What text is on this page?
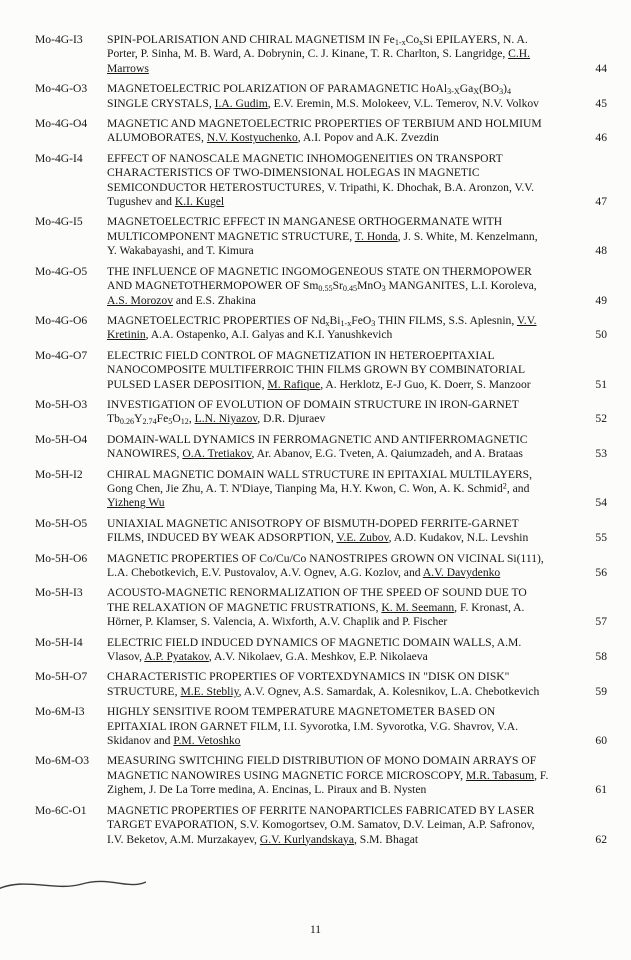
Mo-4G-I3	SPIN-POLARISATION AND CHIRAL MAGNETISM IN $Fe_{1-x}Co_xSi$ EPILAYERS, N. A. Porter, P. Sinha, M. B. Ward, A. Dobrynin, C. J. Kinane, T. R. Charlton, S. Langridge, C.H. Marrows	44
Mo-4G-O3	MAGNETOELECTRIC POLARIZATION OF PARAMAGNETIC $HoAl_{3-X}Ga_X(BO_3)_4$ SINGLE CRYSTALS, I.A. Gudim, E.V. Eremin, M.S. Molokeev, V.L. Temerov, N.V. Volkov	45
Mo-4G-O4	MAGNETIC AND MAGNETOELECTRIC PROPERTIES OF TERBIUM AND HOLMIUM ALUMOBORATES, N.V. Kostyuchenko, A.I. Popov and A.K. Zvezdin	46
Mo-4G-I4	EFFECT OF NANOSCALE MAGNETIC INHOMOGENEITIES ON TRANSPORT CHARACTERISTICS OF TWO-DIMENSIONAL HOLEGAS IN MAGNETIC SEMICONDUCTOR HETEROSTUCTURES, V. Tripathi, K. Dhochak, B.A. Aronzon, V.V. Tugushev and K.I. Kugel	47
Mo-4G-I5	MAGNETOELECTRIC EFFECT IN MANGANESE ORTHOGERMANATE WITH MULTICOMPONENT MAGNETIC STRUCTURE, T. Honda, J. S. White, M. Kenzelmann, Y. Wakabayashi, and T. Kimura	48
Mo-4G-O5	THE INFLUENCE OF MAGNETIC INGOMOGENEOUS STATE ON THERMOPOWER AND MAGNETOTHERMOPOWER OF $Sm_{0.55}Sr_{0.45}MnO_3$ MANGANITES, L.I. Koroleva, A.S. Morozov and E.S. Zhakina	49
Mo-4G-O6	MAGNETOELECTRIC PROPERTIES OF $Nd_xBi_{1-x}FeO_3$ THIN FILMS, S.S. Aplesnin, V.V. Kretinin, A.A. Ostapenko, A.I. Galyas and K.I. Yanushkevich	50
Mo-4G-O7	ELECTRIC FIELD CONTROL OF MAGNETIZATION IN HETEROEPITAXIAL NANOCOMPOSITE MULTIFERROIC THIN FILMS GROWN BY COMBINATORIAL PULSED LASER DEPOSITION, M. Rafique, A. Herklotz, E-J Guo, K. Doerr, S. Manzoor	51
Mo-5H-O3	INVESTIGATION OF EVOLUTION OF DOMAIN STRUCTURE IN IRON-GARNET $Tb_{0.26}Y_{2.74}Fe_5O_{12}$, L.N. Niyazov, D.R. Djuraev	52
Mo-5H-O4	DOMAIN-WALL DYNAMICS IN FERROMAGNETIC AND ANTIFERROMAGNETIC NANOWIRES, O.A. Tretiakov, Ar. Abanov, E.G. Tveten, A. Qaiumzadeh, and A. Brataas	53
Mo-5H-I2	CHIRAL MAGNETIC DOMAIN WALL STRUCTURE IN EPITAXIAL MULTILAYERS, Gong Chen, Jie Zhu, A. T. N'Diaye, Tianping Ma, H.Y. Kwon, C. Won, A. K. Schmid$^2$, and Yizheng Wu	54
Mo-5H-O5	UNIAXIAL MAGNETIC ANISOTROPY OF BISMUTH-DOPED FERRITE-GARNET FILMS, INDUCED BY WEAK ADSORPTION, V.E. Zubov, A.D. Kudakov, N.L. Levshin	55
Mo-5H-O6	MAGNETIC PROPERTIES OF Co/Cu/Co NANOSTRIPES GROWN ON VICINAL Si(111), L.A. Chebotkevich, E.V. Pustovalov, A.V. Ognev, A.G. Kozlov, and A.V. Davydenko	56
Mo-5H-I3	ACOUSTO-MAGNETIC RENORMALIZATION OF THE SPEED OF SOUND DUE TO THE RELAXATION OF MAGNETIC FRUSTRATIONS, K. M. Seemann, F. Kronast, A. Hörner, P. Klamser, S. Valencia, A. Wixforth, A.V. Chaplik and P. Fischer	57
Mo-5H-I4	ELECTRIC FIELD INDUCED DYNAMICS OF MAGNETIC DOMAIN WALLS, A.M. Vlasov, A.P. Pyatakov, A.V. Nikolaev, G.A. Meshkov, E.P. Nikolaeva	58
Mo-5H-O7	CHARACTERISTIC PROPERTIES OF VORTEXDYNAMICS IN "DISK ON DISK" STRUCTURE, M.E. Stebliy, A.V. Ognev, A.S. Samardak, A. Kolesnikov, L.A. Chebotkevich	59
Mo-6M-I3	HIGHLY SENSITIVE ROOM TEMPERATURE MAGNETOMETER BASED ON EPITAXIAL IRON GARNET FILM, I.I. Syvorotka, I.M. Syvorotka, V.G. Shavrov, V.A. Skidanov and P.M. Vetoshko	60
Mo-6M-O3	MEASURING SWITCHING FIELD DISTRIBUTION OF MONO DOMAIN ARRAYS OF MAGNETIC NANOWIRES USING MAGNETIC FORCE MICROSCOPY, M.R. Tabasum, F. Zighem, J. De La Torre medina, A. Encinas, L. Piraux and B. Nysten	61
Mo-6C-O1	MAGNETIC PROPERTIES OF FERRITE NANOPARTICLES FABRICATED BY LASER TARGET EVAPORATION, S.V. Komogortsev, O.M. Samatov, D.V. Leiman, A.P. Safronov, I.V. Beketov, A.M. Murzakayev, G.V. Kurlyandskaya, S.M. Bhagat	62
11
